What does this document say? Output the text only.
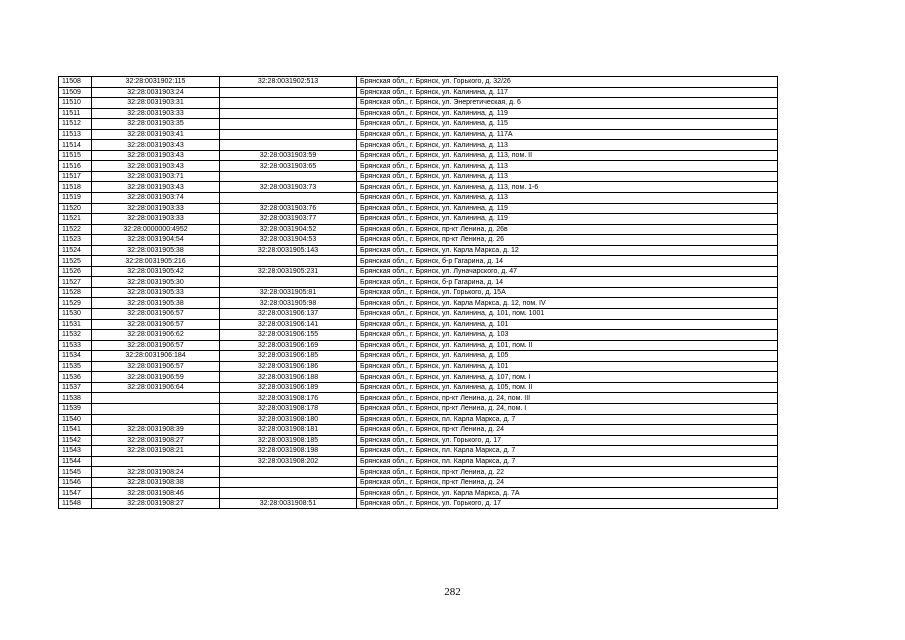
11508	32:28:0031902:115	32:28:0031902:513	Брянская обл., г. Брянск, ул. Горького, д. 32/26
11509	32:28:0031903:24		Брянская обл., г. Брянск, ул. Калинина, д. 117
11510	32:28:0031903:31		Брянская обл., г. Брянск, ул. Энергетическая, д. 6
11511	32:28:0031903:33		Брянская обл., г. Брянск, ул. Калинина, д. 119
11512	32:28:0031903:35		Брянская обл., г. Брянск, ул. Калинина, д. 115
11513	32:28:0031903:41		Брянская обл., г. Брянск, ул. Калинина, д. 117А
11514	32:28:0031903:43		Брянская обл., г. Брянск, ул. Калинина, д. 113
11515	32:28:0031903:43	32:28:0031903:59	Брянская обл., г. Брянск, ул. Калинина, д. 113, пом. II
11516	32:28:0031903:43	32:28:0031903:65	Брянская обл., г. Брянск, ул. Калинина, д. 113
11517	32:28:0031903:71		Брянская обл., г. Брянск, ул. Калинина, д. 113
11518	32:28:0031903:43	32:28:0031903:73	Брянская обл., г. Брянск, ул. Калинина, д. 113, пом. 1-6
11519	32:28:0031903:74		Брянская обл., г. Брянск, ул. Калинина, д. 113
11520	32:28:0031903:33	32:28:0031903:76	Брянская обл., г. Брянск, ул. Калинина, д. 119
11521	32:28:0031903:33	32:28:0031903:77	Брянская обл., г. Брянск, ул. Калинина, д. 119
11522	32:28:0000000:4952	32:28:0031904:52	Брянская обл., г. Брянск, пр-кт Ленина, д. 26в
11523	32:28:0031904:54	32:28:0031904:53	Брянская обл., г. Брянск, пр-кт Ленина, д. 26
11524	32:28:0031905:38	32:28:0031905:143	Брянская обл., г. Брянск, ул. Карла Маркса, д. 12
11525	32:28:0031905:216		Брянская обл., г. Брянск, б-р Гагарина, д. 14
11526	32:28:0031905:42	32:28:0031905:231	Брянская обл., г. Брянск, ул. Луначарского, д. 47
11527	32:28:0031905:30		Брянская обл., г. Брянск, б-р Гагарина, д. 14
11528	32:28:0031905:33	32:28:0031905:81	Брянская обл., г. Брянск, ул. Горького, д. 15А
11529	32:28:0031905:38	32:28:0031905:98	Брянская обл., г. Брянск, ул. Карла Маркса, д. 12, пом. IV
11530	32:28:0031906:57	32:28:0031906:137	Брянская обл., г. Брянск, ул. Калинина, д. 101, пом. 1001
11531	32:28:0031906:57	32:28:0031906:141	Брянская обл., г. Брянск, ул. Калинина, д. 101
11532	32:28:0031906:62	32:28:0031906:155	Брянская обл., г. Брянск, ул. Калинина, д. 103
11533	32:28:0031906:57	32:28:0031906:169	Брянская обл., г. Брянск, ул. Калинина, д. 101, пом. II
11534	32:28:0031906:184	32:28:0031906:185	Брянская обл., г. Брянск, ул. Калинина, д. 105
11535	32:28:0031906:57	32:28:0031906:186	Брянская обл., г. Брянск, ул. Калинина, д. 101
11536	32:28:0031906:59	32:28:0031906:188	Брянская обл., г. Брянск, ул. Калинина, д. 107, пом. I
11537	32:28:0031906:64	32:28:0031906:189	Брянская обл., г. Брянск, ул. Калинина, д. 105, пом. II
11538		32:28:0031908:176	Брянская обл., г. Брянск, пр-кт Ленина, д. 24, пом. III
11539		32:28:0031908:178	Брянская обл., г. Брянск, пр-кт Ленина, д. 24, пом. I
11540		32:28:0031908:180	Брянская обл., г. Брянск, пл. Карла Маркса, д. 7
11541	32:28:0031908:39	32:28:0031908:181	Брянская обл., г. Брянск, пр-кт Ленина, д. 24
11542	32:28:0031908:27	32:28:0031908:185	Брянская обл., г. Брянск, ул. Горького, д. 17
11543	32:28:0031908:21	32:28:0031908:198	Брянская обл., г. Брянск, пл. Карла Маркса, д. 7
11544		32:28:0031908:202	Брянская обл., г. Брянск, пл. Карла Маркса, д. 7
11545	32:28:0031908:24		Брянская обл., г. Брянск, пр-кт Ленина, д. 22
11546	32:28:0031908:38		Брянская обл., г. Брянск, пр-кт Ленина, д. 24
11547	32:28:0031908:46		Брянская обл., г. Брянск, ул. Карла Маркса, д. 7А
11548	32:28:0031908:27	32:28:0031908:51	Брянская обл., г. Брянск, ул. Горького, д. 17
282
